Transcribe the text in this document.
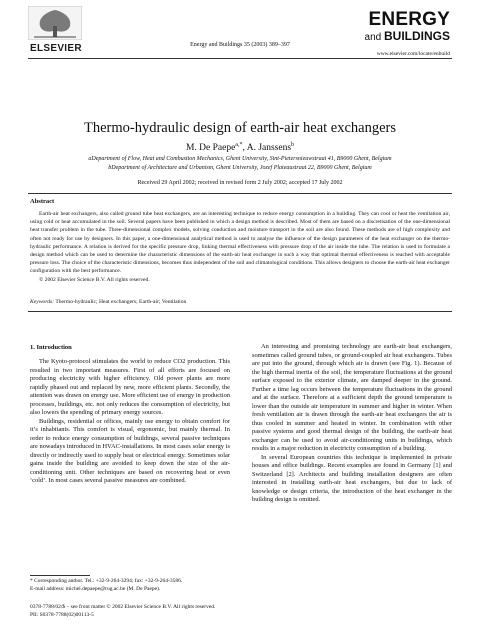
ELSEVIER	Energy and Buildings 35 (2003) 389–397
ENERGY
and BUILDINGS
www.elsevier.com/locate/enbuild
Thermo-hydraulic design of earth-air heat exchangers
M. De Paepe$^{a,*}$, A. Janssens$^b$
aDepartment of Flow, Heat and Combustion Mechanics, Ghent University, Sint-Pietersnieuwstraat 41, B9000 Ghent, Belgium
bDepartment of Architecture and Urbanism, Ghent University, Jozef Plateaustraat 22, B9000 Ghent, Belgium
Received 29 April 2002; received in revised form 2 July 2002; accepted 17 July 2002
Abstract
Earth-air heat exchangers, also called ground tube heat exchangers, are an interesting technique to reduce energy consumption in a building. They can cool or heat the ventilation air, using cold or heat accumulated in the soil. Several papers have been published in which a design method is described. Most of them are based on a discretisation of the one-dimensional heat transfer problem in the tube. Three-dimensional complex models, solving conduction and moisture transport in the soil are also found. These methods are of high complexity and often not ready for use by designers. In this paper, a one-dimensional analytical method is used to analyse the influence of the design parameters of the heat exchanger on the thermo-hydraulic performance. A relation is derived for the specific pressure drop, linking thermal effectiveness with pressure drop of the air inside the tube. The relation is used to formulate a design method which can be used to determine the characteristic dimensions of the earth-air heat exchanger in such a way that optimal thermal effectiveness is reached with acceptable pressure loss. The choice of the characteristic dimensions, becomes thus independent of the soil and climatological conditions. This allows designers to choose the earth-air heat exchanger configuration with the best performance.
© 2002 Elsevier Science B.V. All rights reserved.
Keywords: Thermo-hydraulic; Heat exchangers; Earth-air; Ventilation
1. Introduction

The Kyoto-protocol stimulates the world to reduce CO2 production. This resulted in two important measures. First of all efforts are focused on producing electricity with higher efficiency. Old power plants are more rapidly phased out and replaced by new, more efficient plants. Secondly, the attention was drawn on energy use. More efficient use of energy in production processes, buildings, etc. not only reduces the consumption of electricity, but also lowers the spending of primary energy sources.

Buildings, residential or offices, mainly use energy to obtain comfort for it’s inhabitants. This comfort is visual, ergonomic, but mainly thermal. In order to reduce energy consumption of buildings, several passive techniques are nowadays introduced in HVAC-installations. In most cases solar energy is directly or indirectly used to supply heat or electrical energy. Sometimes solar gains inside the building are avoided to keep down the size of the air-conditioning unit. Other techniques are based on recovering heat or even ‘cold’. In most cases several passive measures are combined.

An interesting and promising technology are earth-air heat exchangers, sometimes called ground tubes, or ground-coupled air heat exchangers. Tubes are put into the ground, through which air is drawn (see Fig. 1). Because of the high thermal inertia of the soil, the temperature fluctuations at the ground surface exposed to the exterior climate, are damped deeper in the ground. Further a time lag occurs between the temperature fluctuations in the ground and at the surface. Therefore at a sufficient depth the ground temperature is lower than the outside air temperature in summer and higher in winter. When fresh ventilation air is drawn through the earth-air heat exchangers the air is thus cooled in summer and heated in winter. In combination with other passive systems and good thermal design of the building, the earth-air heat exchanger can be used to avoid air-conditioning units in buildings, which results in a major reduction in electricity consumption of a building.

In several European countries this technique is implemented in private houses and office buildings. Recent examples are found in Germany [1] and Switzerland [2]. Architects and building installation designers are often interested in installing earth-air heat exchangers, but due to lack of knowledge or design criteria, the introduction of the heat exchanger in the building design is omitted.

* Corresponding author. Tel.: +32-9-264-3294; fax: +32-9-264-3586.
E-mail address: michel.depaepe@rug.ac.be (M. De Paepe).
0378-7788/02/$ – see front matter © 2002 Elsevier Science B.V. All rights reserved.
PII: S0378-7788(02)00113-5
